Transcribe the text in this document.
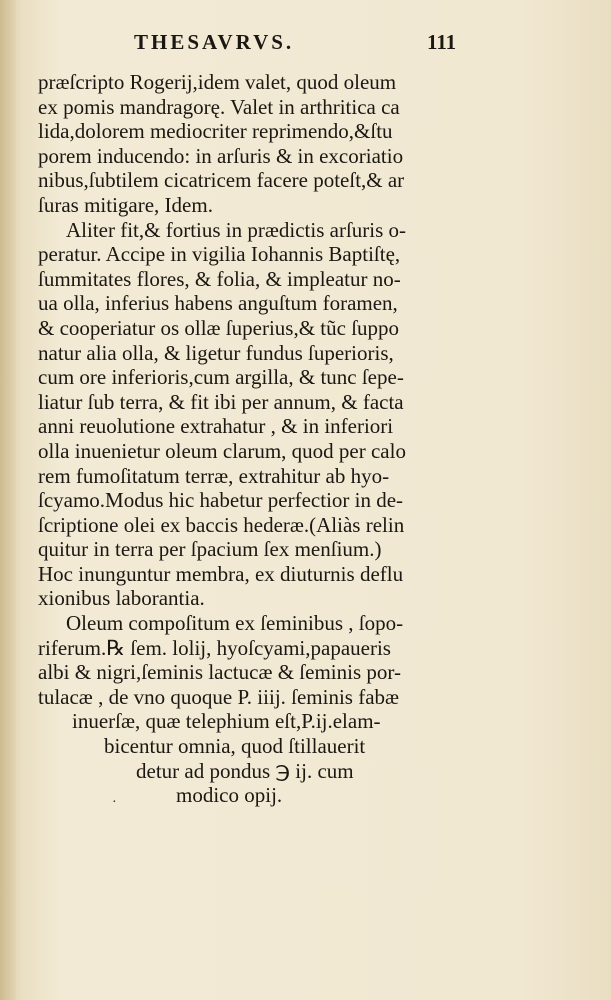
THESAVRVS.	111
præſcripto Rogerij,idem valet, quod oleum
ex pomis mandragorę. Valet in arthritica ca
lida,dolorem mediocriter reprimendo,&ſtu
porem inducendo: in arſuris & in excoriatio
nibus,ſubtilem cicatricem facere poteſt,& ar
ſuras mitigare, Idem.
Aliter fit,& fortius in prædictis arſuris o-
peratur. Accipe in vigilia Iohannis Baptiſtę,
ſummitates flores, & folia, & impleatur no-
ua olla, inferius habens anguſtum foramen,
& cooperiatur os ollæ ſuperius,& tũc ſuppo
natur alia olla, & ligetur fundus ſuperioris,
cum ore inferioris,cum argilla, & tunc ſepe-
liatur ſub terra, & fit ibi per annum, & facta
anni reuolutione extrahatur , & in inferiori
olla inuenietur oleum clarum, quod per calo
rem fumoſitatum terræ, extrahitur ab hyo-
ſcyamo.Modus hic habetur perfectior in de-
ſcriptione olei ex baccis hederæ.(Aliàs relin
quitur in terra per ſpacium ſex menſium.)
Hoc inunguntur membra, ex diuturnis deflu
xionibus laborantia.
Oleum compoſitum ex ſeminibus , ſopo-
riferum.℞ ſem. lolij, hyoſcyami,papaueris
albi & nigri,ſeminis lactucæ & ſeminis por-
tulacæ , de vno quoque P. iiij. ſeminis fabæ
inuerſæ, quæ telephium eſt,P.ij.elam-
bicentur omnia, quod ſtillauerit
detur ad pondus ℈ ij. cum
modico opij.
·
